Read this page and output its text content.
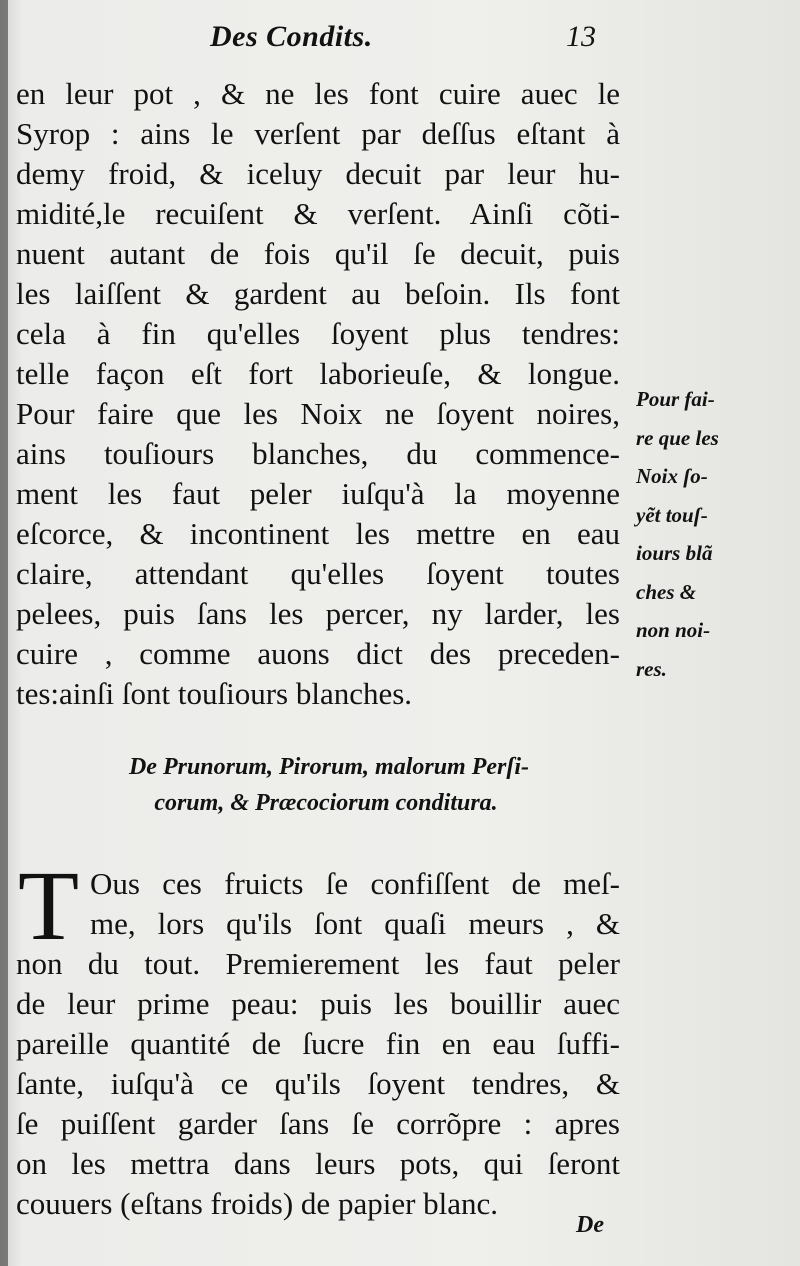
Des Condits.	13
en leur pot , & ne les font cuire auec le
Syrop : ains le verſent par deſſus eſtant à
demy froid, & iceluy decuit par leur hu-
midité,le recuiſent & verſent. Ainſi cõti-
nuent autant de fois qu'il ſe decuit, puis
les laiſſent & gardent au beſoin. Ils font
cela à fin qu'elles ſoyent plus tendres:
telle façon eſt fort laborieuſe, & longue.
Pour faire que les Noix ne ſoyent noires,
ains touſiours blanches, du commence-
ment les faut peler iuſqu'à la moyenne
eſcorce, & incontinent les mettre en eau
claire, attendant qu'elles ſoyent toutes
pelees, puis ſans les percer, ny larder, les
cuire , comme auons dict des preceden-
tes:ainſi ſont touſiours blanches.
Pour fai-
re que les
Noix ſo-
yẽt touſ-
iours blã
ches &
non noi-
res.
De Prunorum, Pirorum, malorum Perſi-
corum, & Præcociorum conditura.
T Ous ces fruicts ſe confiſſent de meſ-
me, lors qu'ils ſont quaſi meurs , &
non du tout. Premierement les faut peler
de leur prime peau: puis les bouillir auec
pareille quantité de ſucre fin en eau ſuffi-
ſante, iuſqu'à ce qu'ils ſoyent tendres, &
ſe puiſſent garder ſans ſe corrõpre : apres
on les mettra dans leurs pots, qui ſeront
couuers (eſtans froids) de papier blanc.
De
